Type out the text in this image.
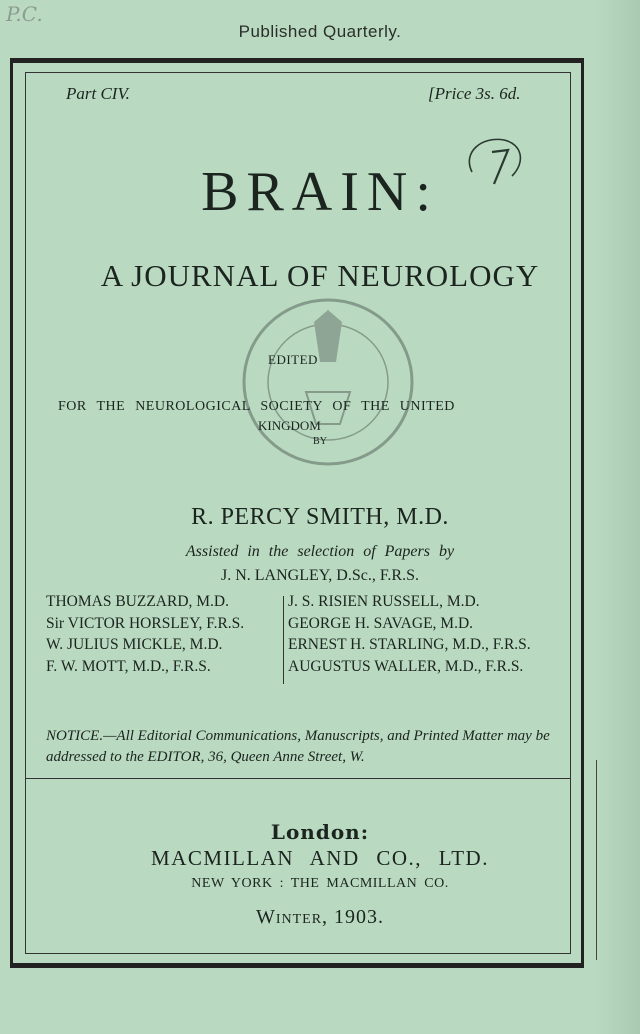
P.C.
Published Quarterly.
Part CIV.	[Price 3s. 6d.
BRAIN:
A JOURNAL OF NEUROLOGY
EDITED
FOR THE NEUROLOGICAL SOCIETY OF THE UNITED
KINGDOM
BY
R. PERCY SMITH, M.D.
Assisted in the selection of Papers by
J. N. LANGLEY, D.Sc., F.R.S.
THOMAS BUZZARD, M.D.
Sir VICTOR HORSLEY, F.R.S.
W. JULIUS MICKLE, M.D.
F. W. MOTT, M.D., F.R.S.
J. S. RISIEN RUSSELL, M.D.
GEORGE H. SAVAGE, M.D.
ERNEST H. STARLING, M.D., F.R.S.
AUGUSTUS WALLER, M.D., F.R.S.
NOTICE.—All Editorial Communications, Manuscripts, and Printed Matter may be addressed to the EDITOR, 36, Queen Anne Street, W.
London:
MACMILLAN AND CO., LTD.
NEW YORK : THE MACMILLAN CO.
Winter, 1903.
